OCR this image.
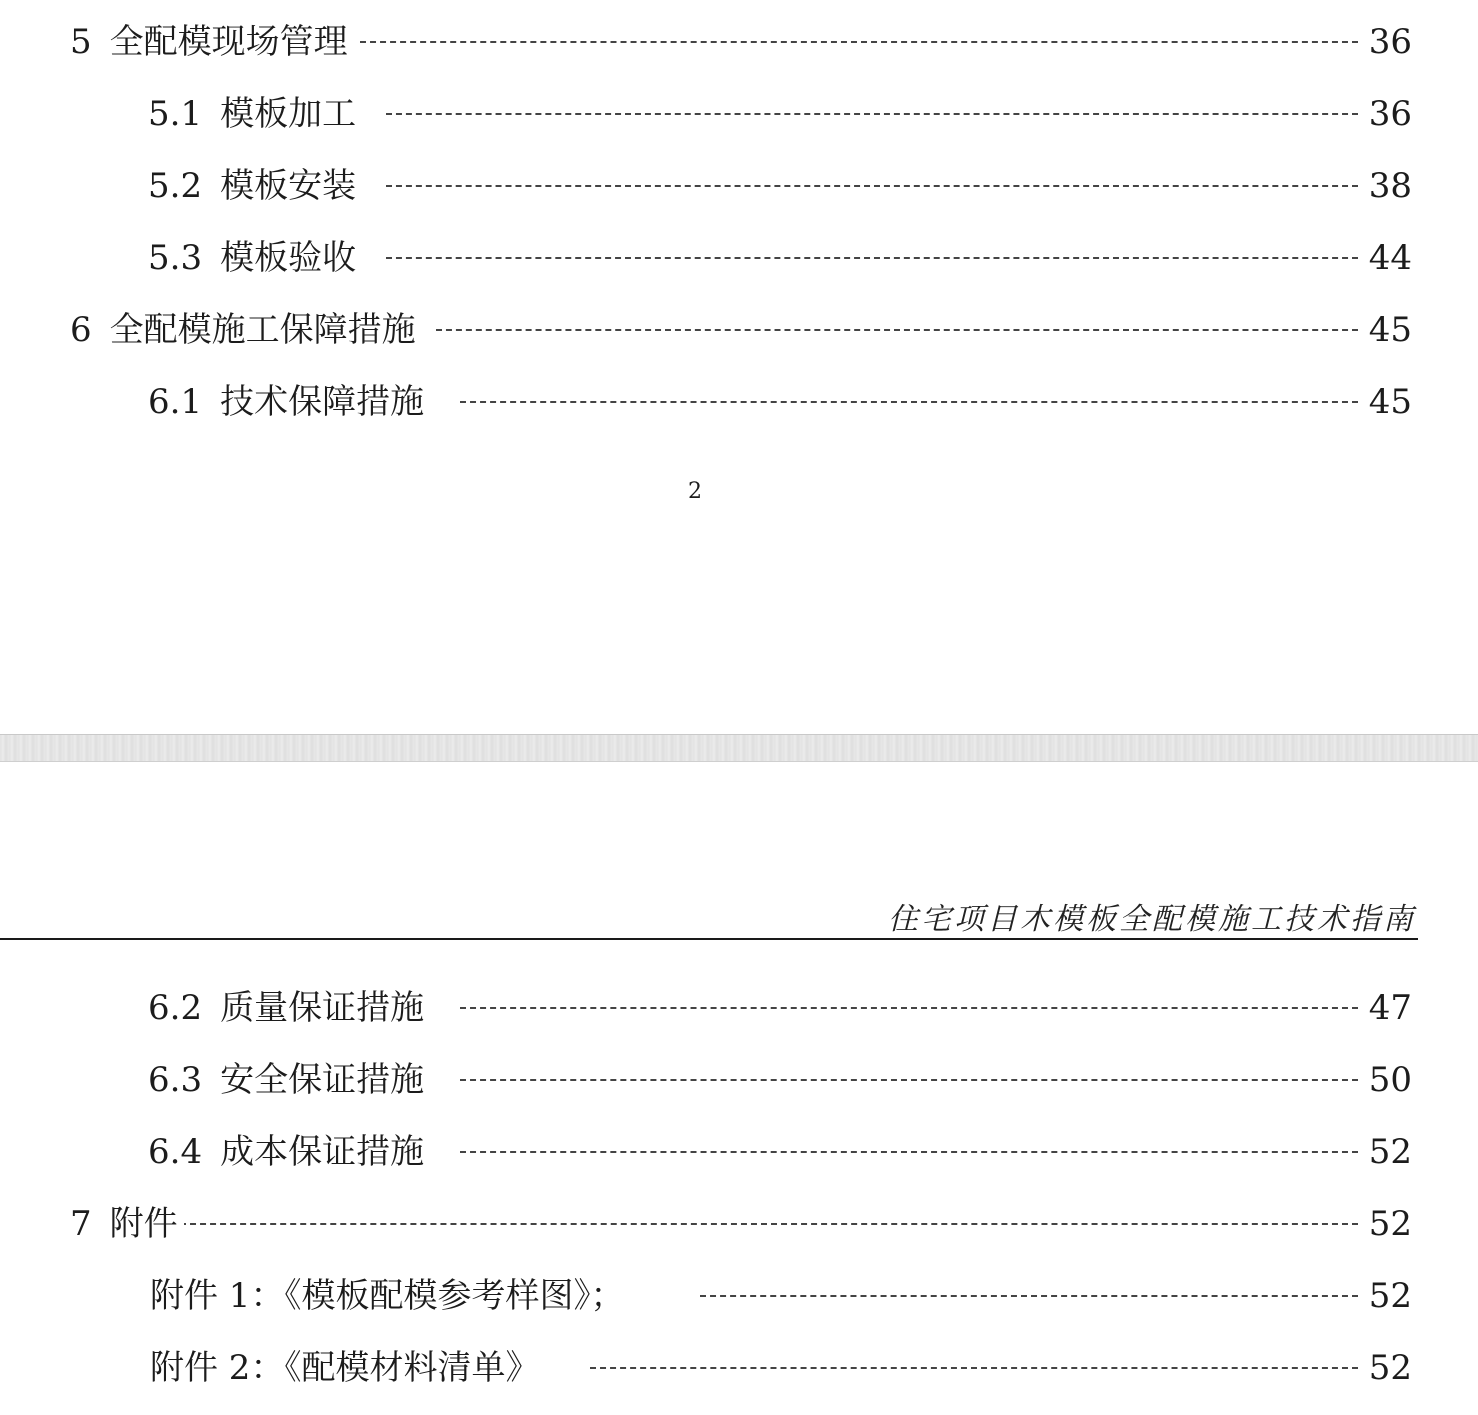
5 全配模现场管理	36
5.1 模板加工	36
5.2 模板安装	38
5.3 模板验收	44
6 全配模施工保障措施	45
6.1 技术保障措施	45
2
住宅项目木模板全配模施工技术指南
6.2 质量保证措施	47
6.3 安全保证措施	50
6.4 成本保证措施	52
7 附件	52
附件 1：《模板配模参考样图》；	52
附件 2：《配模材料清单》	52
